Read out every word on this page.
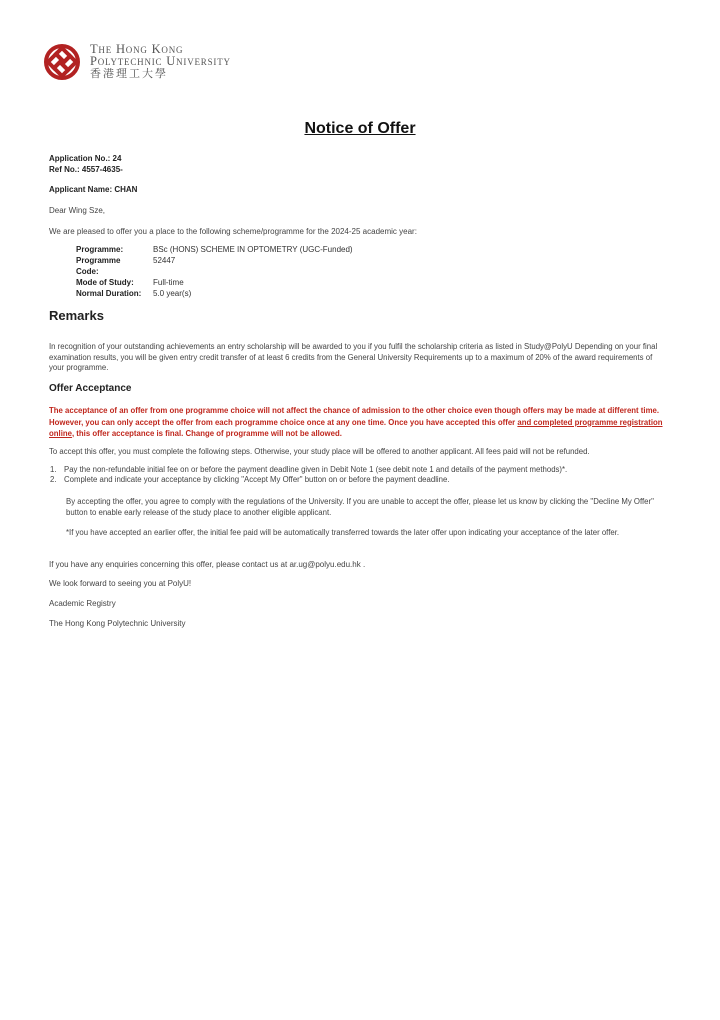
The Hong Kong
Polytechnic University
香港理工大學
Notice of Offer
Application No.: 24
Ref No.: 4557-4635-
Applicant Name: CHAN
Dear Wing Sze,
We are pleased to offer you a place to the following scheme/programme for the 2024-25 academic year:
Programme:	BSc (HONS) SCHEME IN OPTOMETRY (UGC-Funded)
Programme	52447
Code:
Mode of Study: Full-time
Normal Duration: 5.0 year(s)
Remarks
In recognition of your outstanding achievements an entry scholarship will be awarded to you if you fulfil the scholarship criteria as listed in Study@PolyU Depending on your final examination results, you will be given entry credit transfer of at least 6 credits from the General University Requirements up to a maximum of 20% of the award requirements of your programme.
Offer Acceptance
The acceptance of an offer from one programme choice will not affect the chance of admission to the other choice even though offers may be made at different time. However, you can only accept the offer from each programme choice once at any one time. Once you have accepted this offer and completed programme registration online, this offer acceptance is final. Change of programme will not be allowed.
To accept this offer, you must complete the following steps. Otherwise, your study place will be offered to another applicant. All fees paid will not be refunded.
1. Pay the non-refundable initial fee on or before the payment deadline given in Debit Note 1 (see debit note 1 and details of the payment methods)*.
2. Complete and indicate your acceptance by clicking "Accept My Offer" button on or before the payment deadline.
By accepting the offer, you agree to comply with the regulations of the University. If you are unable to accept the offer, please let us know by clicking the "Decline My Offer" button to enable early release of the study place to another eligible applicant.
*If you have accepted an earlier offer, the initial fee paid will be automatically transferred towards the later offer upon indicating your acceptance of the later offer.
If you have any enquiries concerning this offer, please contact us at ar.ug@polyu.edu.hk .
We look forward to seeing you at PolyU!
Academic Registry
The Hong Kong Polytechnic University
